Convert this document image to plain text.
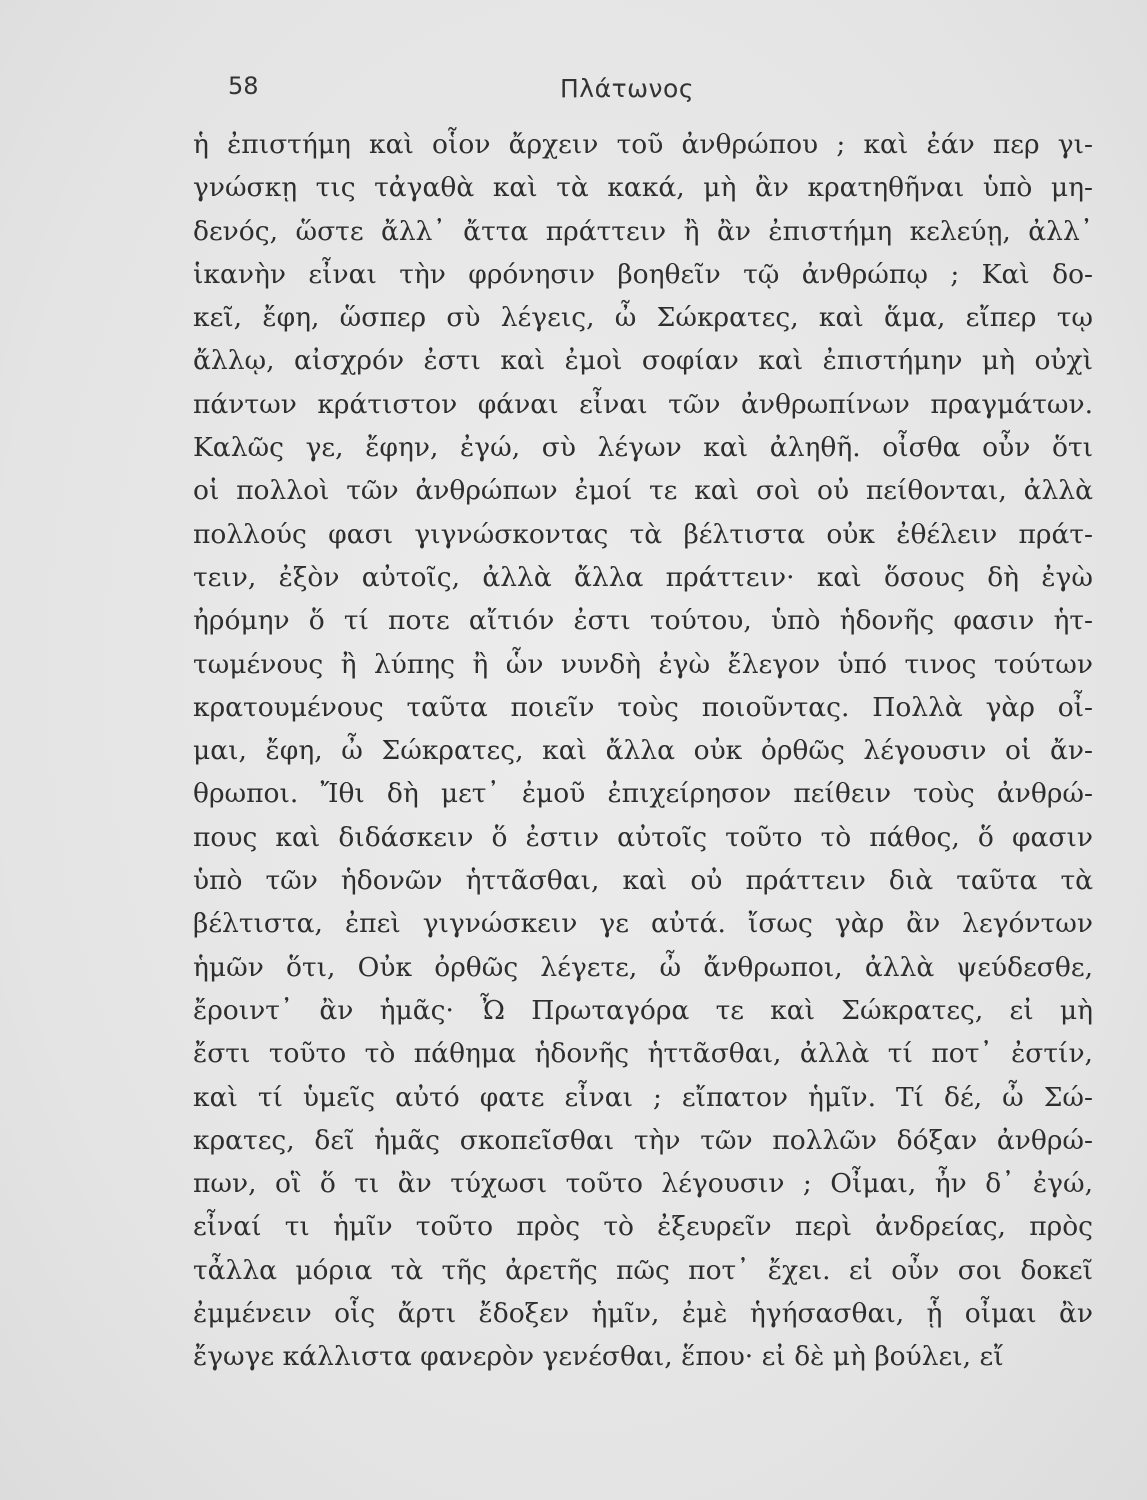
58	Πλάτωνος
ἡ ἐπιστήμη καὶ οἷον ἄρχειν τοῦ ἀνθρώπου ; καὶ ἐάν περ γι-
γνώσκῃ τις τἀγαθὰ καὶ τὰ κακά, μὴ ἂν κρατηθῆναι ὑπὸ μη-
δενός, ὥστε ἄλλ᾽ ἄττα πράττειν ἢ ἂν ἐπιστήμη κελεύῃ, ἀλλ᾽
ἱκανὴν εἶναι τὴν φρόνησιν βοηθεῖν τῷ ἀνθρώπῳ ; Καὶ δο-
κεῖ, ἔφη, ὥσπερ σὺ λέγεις, ὦ Σώκρατες, καὶ ἅμα, εἴπερ τῳ
ἄλλῳ, αἰσχρόν ἐστι καὶ ἐμοὶ σοφίαν καὶ ἐπιστήμην μὴ οὐχὶ
πάντων κράτιστον φάναι εἶναι τῶν ἀνθρωπίνων πραγμάτων.
Καλῶς γε, ἔφην, ἐγώ, σὺ λέγων καὶ ἀληθῆ. οἶσθα οὖν ὅτι
οἱ πολλοὶ τῶν ἀνθρώπων ἐμοί τε καὶ σοὶ οὐ πείθονται, ἀλλὰ
πολλούς φασι γιγνώσκοντας τὰ βέλτιστα οὐκ ἐθέλειν πράτ-
τειν, ἐξὸν αὐτοῖς, ἀλλὰ ἄλλα πράττειν· καὶ ὅσους δὴ ἐγὼ
ἠρόμην ὅ τί ποτε αἴτιόν ἐστι τούτου, ὑπὸ ἡδονῆς φασιν ἡτ-
τωμένους ἢ λύπης ἢ ὧν νυνδὴ ἐγὼ ἔλεγον ὑπό τινος τούτων
κρατουμένους ταῦτα ποιεῖν τοὺς ποιοῦντας. Πολλὰ γὰρ οἶ-
μαι, ἔφη, ὦ Σώκρατες, καὶ ἄλλα οὐκ ὀρθῶς λέγουσιν οἱ ἄν-
θρωποι. Ἴθι δὴ μετ᾽ ἐμοῦ ἐπιχείρησον πείθειν τοὺς ἀνθρώ-
πους καὶ διδάσκειν ὅ ἐστιν αὐτοῖς τοῦτο τὸ πάθος, ὅ φασιν
ὑπὸ τῶν ἡδονῶν ἡττᾶσθαι, καὶ οὐ πράττειν διὰ ταῦτα τὰ
βέλτιστα, ἐπεὶ γιγνώσκειν γε αὐτά. ἴσως γὰρ ἂν λεγόντων
ἡμῶν ὅτι, Οὐκ ὀρθῶς λέγετε, ὦ ἄνθρωποι, ἀλλὰ ψεύδεσθε,
ἔροιντ᾽ ἂν ἡμᾶς· Ὦ Πρωταγόρα τε καὶ Σώκρατες, εἰ μὴ
ἔστι τοῦτο τὸ πάθημα ἡδονῆς ἡττᾶσθαι, ἀλλὰ τί ποτ᾽ ἐστίν,
καὶ τί ὑμεῖς αὐτό φατε εἶναι ; εἴπατον ἡμῖν. Τί δέ, ὦ Σώ-
κρατες, δεῖ ἡμᾶς σκοπεῖσθαι τὴν τῶν πολλῶν δόξαν ἀνθρώ-
πων, οἳ ὅ τι ἂν τύχωσι τοῦτο λέγουσιν ; Οἶμαι, ἦν δ᾽ ἐγώ,
εἶναί τι ἡμῖν τοῦτο πρὸς τὸ ἐξευρεῖν περὶ ἀνδρείας, πρὸς
τἆλλα μόρια τὰ τῆς ἀρετῆς πῶς ποτ᾽ ἔχει. εἰ οὖν σοι δοκεῖ
ἐμμένειν οἷς ἄρτι ἔδοξεν ἡμῖν, ἐμὲ ἡγήσασθαι, ᾗ οἶμαι ἂν
ἔγωγε κάλλιστα φανερὸν γενέσθαι, ἕπου· εἰ δὲ μὴ βούλει, εἴ
